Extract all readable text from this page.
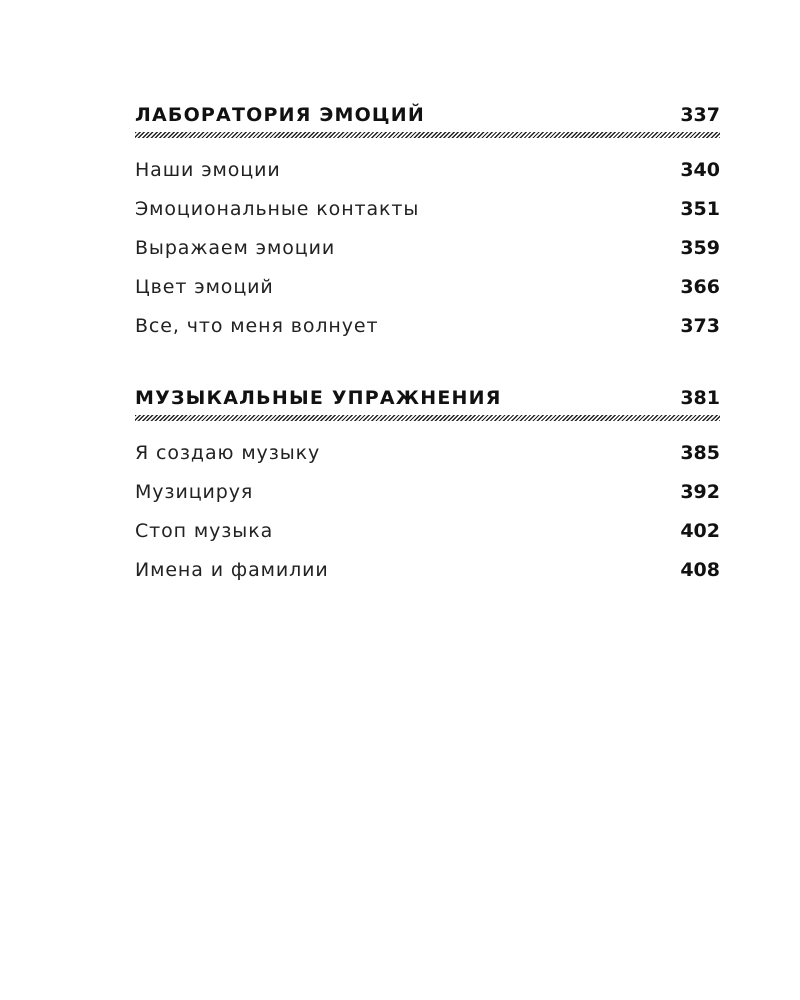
ЛАБОРАТОРИЯ ЭМОЦИЙ	337
Наши эмоции	340
Эмоциональные контакты	351
Выражаем эмоции	359
Цвет эмоций	366
Все, что меня волнует	373
МУЗЫКАЛЬНЫЕ УПРАЖНЕНИЯ	381
Я создаю музыку	385
Музицируя	392
Стоп музыка	402
Имена и фамилии	408
